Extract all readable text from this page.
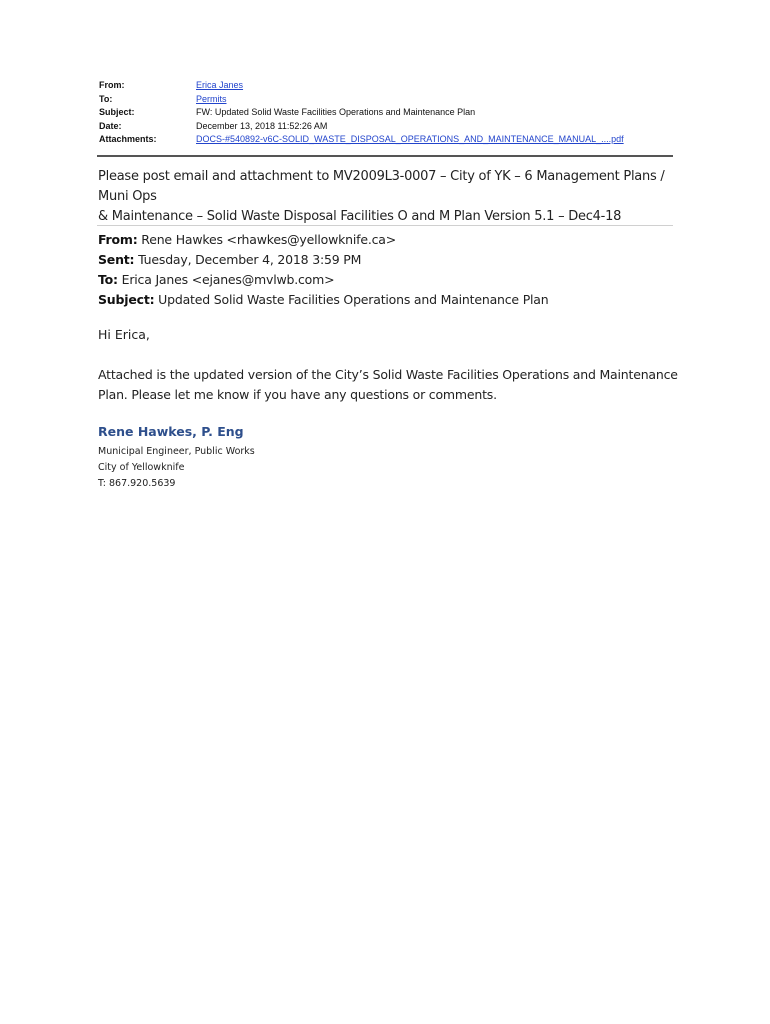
From:	Erica Janes
To:	Permits
Subject:	FW: Updated Solid Waste Facilities Operations and Maintenance Plan
Date:	December 13, 2018 11:52:26 AM
Attachments:	DOCS-#540892-v6C-SOLID_WASTE_DISPOSAL_OPERATIONS_AND_MAINTENANCE_MANUAL_....pdf
Please post email and attachment to MV2009L3-0007 – City of YK – 6 Management Plans / Muni Ops
& Maintenance – Solid Waste Disposal Facilities O and M Plan Version 5.1 – Dec4-18
From: Rene Hawkes <rhawkes@yellowknife.ca>
Sent: Tuesday, December 4, 2018 3:59 PM
To: Erica Janes <ejanes@mvlwb.com>
Subject: Updated Solid Waste Facilities Operations and Maintenance Plan
Hi Erica,
Attached is the updated version of the City’s Solid Waste Facilities Operations and Maintenance
Plan. Please let me know if you have any questions or comments.
Rene Hawkes, P. Eng
Municipal Engineer, Public Works
City of Yellowknife
T: 867.920.5639
